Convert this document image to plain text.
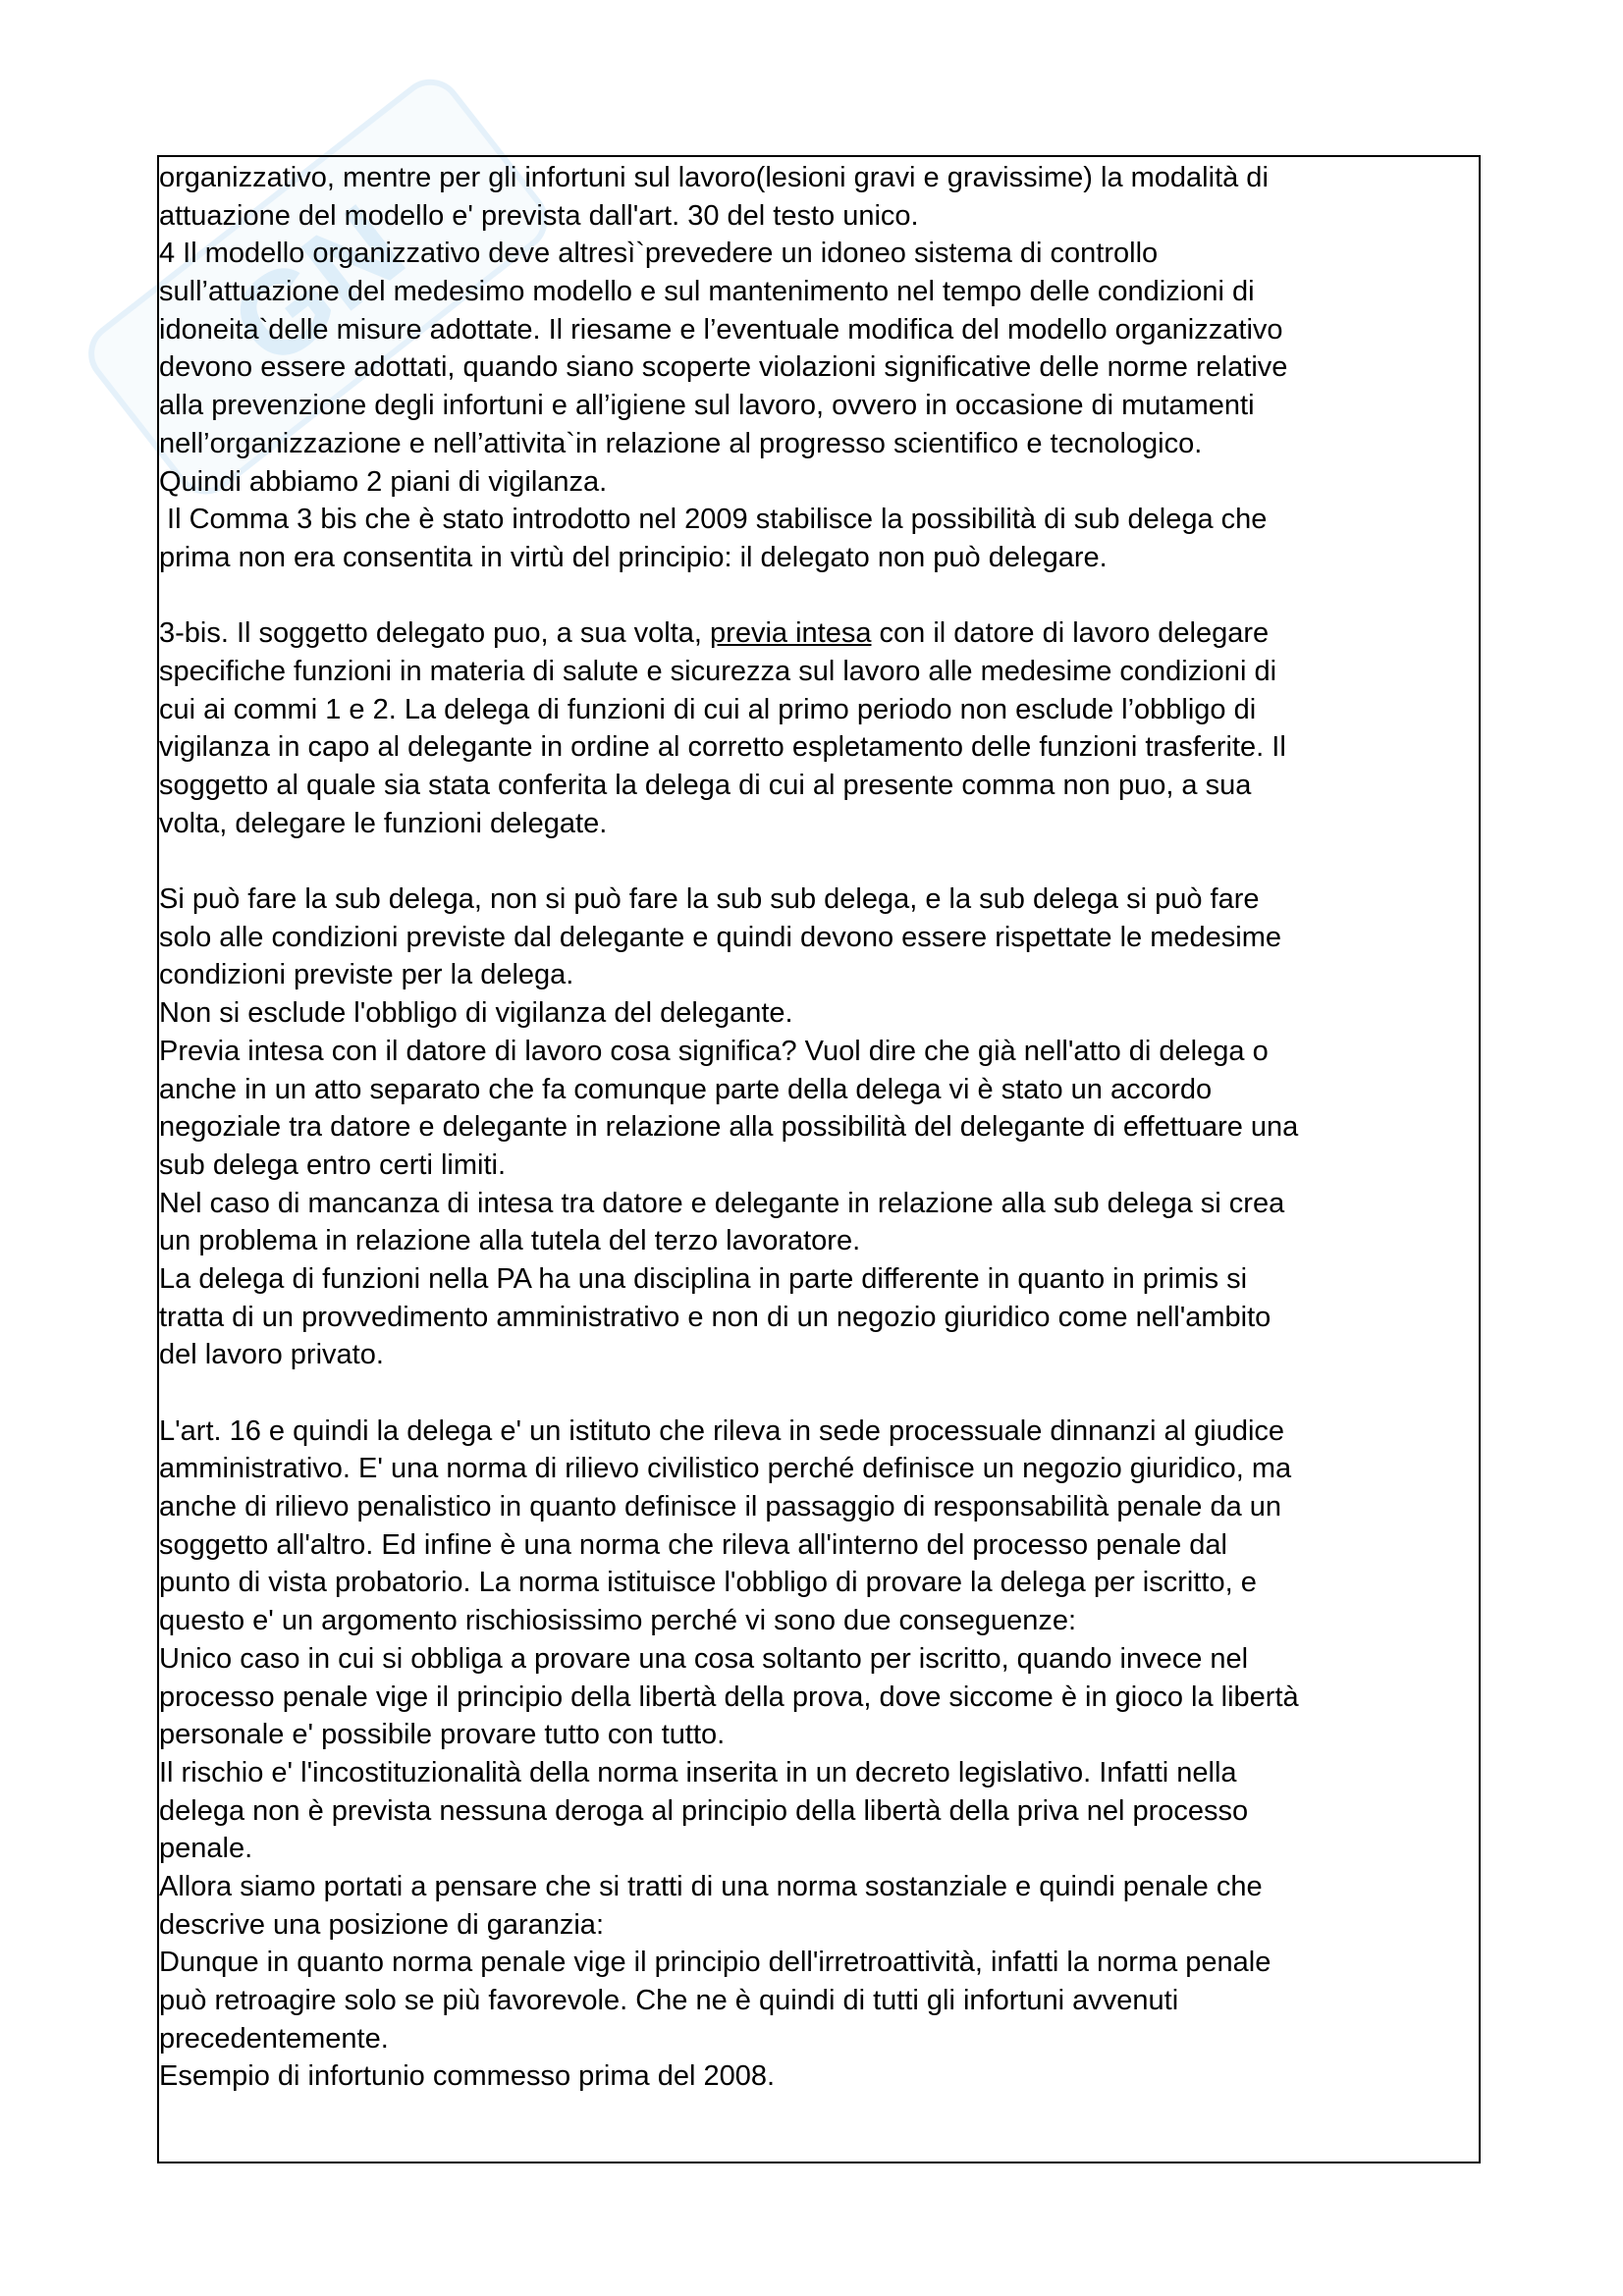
GN
organizzativo, mentre per gli infortuni sul lavoro(lesioni gravi e gravissime) la modalità di
attuazione del modello e' prevista dall'art. 30 del testo unico.
4 Il modello organizzativo deve altresì`prevedere un idoneo sistema di controllo
sull’attuazione del medesimo modello e sul mantenimento nel tempo delle condizioni di
idoneita`delle misure adottate. Il riesame e l’eventuale modifica del modello organizzativo
devono essere adottati, quando siano scoperte violazioni significative delle norme relative
alla prevenzione degli infortuni e all’igiene sul lavoro, ovvero in occasione di mutamenti
nell’organizzazione e nell’attivita`in relazione al progresso scientifico e tecnologico.
Quindi abbiamo 2 piani di vigilanza.
Il Comma 3 bis che è stato introdotto nel 2009 stabilisce la possibilità di sub delega che
prima non era consentita in virtù del principio: il delegato non può delegare.
3-bis. Il soggetto delegato puo, a sua volta, previa intesa con il datore di lavoro delegare
specifiche funzioni in materia di salute e sicurezza sul lavoro alle medesime condizioni di
cui ai commi 1 e 2. La delega di funzioni di cui al primo periodo non esclude l’obbligo di
vigilanza in capo al delegante in ordine al corretto espletamento delle funzioni trasferite. Il
soggetto al quale sia stata conferita la delega di cui al presente comma non puo, a sua
volta, delegare le funzioni delegate.
Si può fare la sub delega, non si può fare la sub sub delega, e la sub delega si può fare
solo alle condizioni previste dal delegante e quindi devono essere rispettate le medesime
condizioni previste per la delega.
Non si esclude l'obbligo di vigilanza del delegante.
Previa intesa con il datore di lavoro cosa significa? Vuol dire che già nell'atto di delega o
anche in un atto separato che fa comunque parte della delega vi è stato un accordo
negoziale tra datore e delegante in relazione alla possibilità del delegante di effettuare una
sub delega entro certi limiti.
Nel caso di mancanza di intesa tra datore e delegante in relazione alla sub delega si crea
un problema in relazione alla tutela del terzo lavoratore.
La delega di funzioni nella PA ha una disciplina in parte differente in quanto in primis si
tratta di un provvedimento amministrativo e non di un negozio giuridico come nell'ambito
del lavoro privato.
L'art. 16 e quindi la delega e' un istituto che rileva in sede processuale dinnanzi al giudice
amministrativo. E' una norma di rilievo civilistico perché definisce un negozio giuridico, ma
anche di rilievo penalistico in quanto definisce il passaggio di responsabilità penale da un
soggetto all'altro. Ed infine è una norma che rileva all'interno del processo penale dal
punto di vista probatorio. La norma istituisce l'obbligo di provare la delega per iscritto, e
questo e' un argomento rischiosissimo perché vi sono due conseguenze:
Unico caso in cui si obbliga a provare una cosa soltanto per iscritto, quando invece nel
processo penale vige il principio della libertà della prova, dove siccome è in gioco la libertà
personale e' possibile provare tutto con tutto.
Il rischio e' l'incostituzionalità della norma inserita in un decreto legislativo. Infatti nella
delega non è prevista nessuna deroga al principio della libertà della priva nel processo
penale.
Allora siamo portati a pensare che si tratti di una norma sostanziale e quindi penale che
descrive una posizione di garanzia:
Dunque in quanto norma penale vige il principio dell'irretroattività, infatti la norma penale
può retroagire solo se più favorevole. Che ne è quindi di tutti gli infortuni avvenuti
precedentemente.
Esempio di infortunio commesso prima del 2008.
